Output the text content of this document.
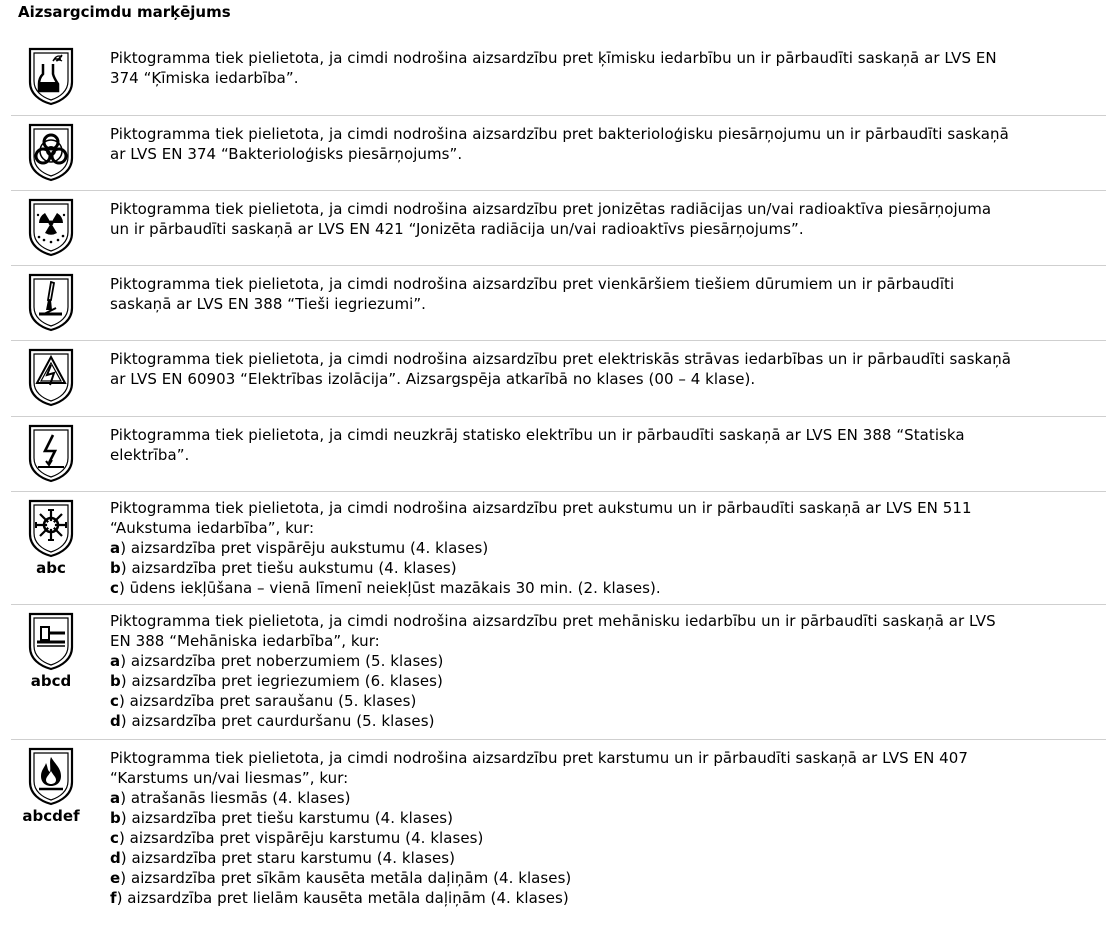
Aizsargcimdu marķējums
Piktogramma tiek pielietota, ja cimdi nodrošina aizsardzību pret ķīmisku iedarbību un ir pārbaudīti saskaņā ar LVS EN
374 “Ķīmiska iedarbība”.
Piktogramma tiek pielietota, ja cimdi nodrošina aizsardzību pret bakterioloģisku piesārņojumu un ir pārbaudīti saskaņā
ar LVS EN 374 “Bakterioloģisks piesārņojums”.
Piktogramma tiek pielietota, ja cimdi nodrošina aizsardzību pret jonizētas radiācijas un/vai radioaktīva piesārņojuma
un ir pārbaudīti saskaņā ar LVS EN 421 “Jonizēta radiācija un/vai radioaktīvs piesārņojums”.
Piktogramma tiek pielietota, ja cimdi nodrošina aizsardzību pret vienkāršiem tiešiem dūrumiem un ir pārbaudīti
saskaņā ar LVS EN 388 “Tieši iegriezumi”.
Piktogramma tiek pielietota, ja cimdi nodrošina aizsardzību pret elektriskās strāvas iedarbības un ir pārbaudīti saskaņā
ar LVS EN 60903 “Elektrības izolācija”. Aizsargspēja atkarībā no klases (00 – 4 klase).
Piktogramma tiek pielietota, ja cimdi neuzkrāj statisko elektrību un ir pārbaudīti saskaņā ar LVS EN 388 “Statiska
elektrība”.
abc
Piktogramma tiek pielietota, ja cimdi nodrošina aizsardzību pret aukstumu un ir pārbaudīti saskaņā ar LVS EN 511
“Aukstuma iedarbība”, kur:
a) aizsardzība pret vispārēju aukstumu (4. klases)
b) aizsardzība pret tiešu aukstumu (4. klases)
c) ūdens iekļūšana – vienā līmenī neiekļūst mazākais 30 min. (2. klases).
abcd
Piktogramma tiek pielietota, ja cimdi nodrošina aizsardzību pret mehānisku iedarbību un ir pārbaudīti saskaņā ar LVS
EN 388 “Mehāniska iedarbība”, kur:
a) aizsardzība pret noberzumiem (5. klases)
b) aizsardzība pret iegriezumiem (6. klases)
c) aizsardzība pret saraušanu (5. klases)
d) aizsardzība pret caurduršanu (5. klases)
abcdef
Piktogramma tiek pielietota, ja cimdi nodrošina aizsardzību pret karstumu un ir pārbaudīti saskaņā ar LVS EN 407
“Karstums un/vai liesmas”, kur:
a) atrašanās liesmās (4. klases)
b) aizsardzība pret tiešu karstumu (4. klases)
c) aizsardzība pret vispārēju karstumu (4. klases)
d) aizsardzība pret staru karstumu (4. klases)
e) aizsardzība pret sīkām kausēta metāla daļiņām (4. klases)
f) aizsardzība pret lielām kausēta metāla daļiņām (4. klases)
